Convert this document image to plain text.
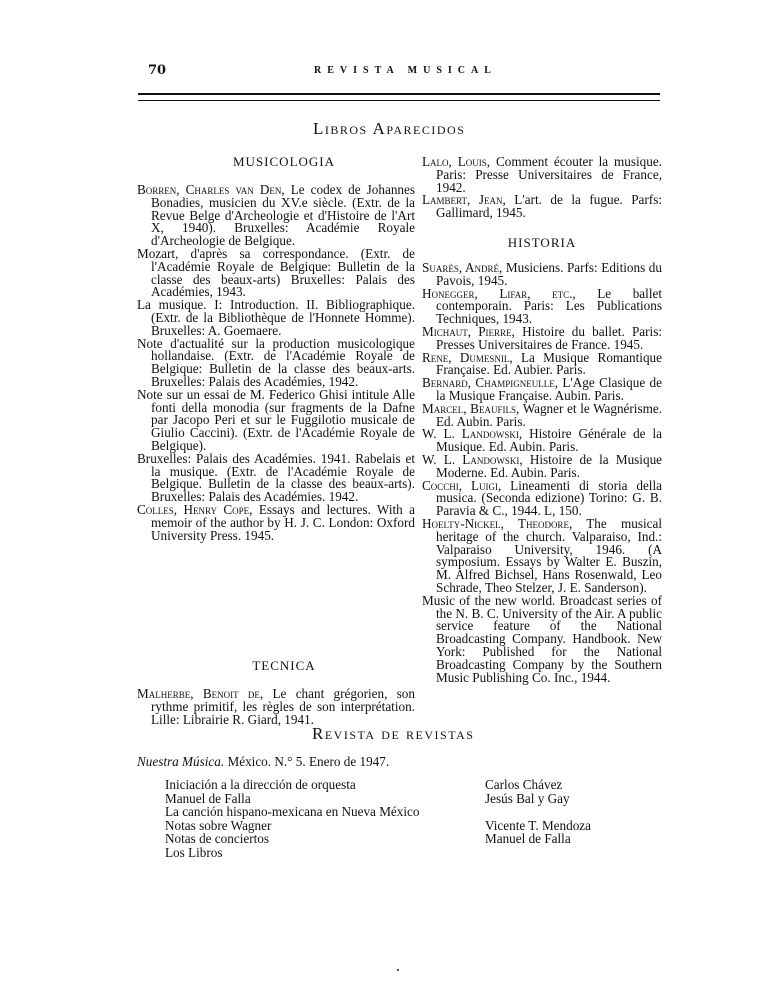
70	REVISTA MUSICAL
Libros Aparecidos
MUSICOLOGIA

Borren, Charles van Den, Le codex de Johannes Bonadies, musicien du XV.e siècle. (Extr. de la Revue Belge d'Archeologie et d'Histoire de l'Art X, 1940). Bruxelles: Académie Royale d'Archeologie de Belgique.

Mozart, d'après sa correspondance. (Extr. de l'Académie Royale de Belgique: Bulletin de la classe des beaux-arts) Bruxelles: Palais des Académies, 1943.

La musique. I: Introduction. II. Bibliographique. (Extr. de la Bibliothèque de l'Honnete Homme). Bruxelles: A. Goemaere.

Note d'actualité sur la production musicologique hollandaise. (Extr. de l'Académie Royale de Belgique: Bulletin de la classe des beaux-arts. Bruxelles: Palais des Académies, 1942.

Note sur un essai de M. Federico Ghisi intitule Alle fonti della monodia (sur fragments de la Dafne par Jacopo Peri et sur le Fuggilotio musicale de Giulio Caccini). (Extr. de l'Académie Royale de Belgique).

Bruxelles: Palais des Académies. 1941. Rabelais et la musique. (Extr. de l'Académie Royale de Belgique. Bulletin de la classe des beaux-arts). Bruxelles: Palais des Académies. 1942.

Colles, Henry Cope, Essays and lectures. With a memoir of the author by H. J. C. London: Oxford University Press. 1945.

TECNICA

Malherbe, Benoit de, Le chant grégorien, son rythme primitif, les règles de son interprétation. Lille: Librairie R. Giard, 1941.

Lalo, Louis, Comment écouter la musique. Paris: Presse Universitaires de France, 1942.

Lambert, Jean, L'art. de la fugue. Parfs: Gallimard, 1945.

HISTORIA

Suarès, André, Musiciens. Parfs: Editions du Pavois, 1945.

Honegger, Lifar, etc., Le ballet contemporain. Paris: Les Publications Techniques, 1943.

Michaut, Pierre, Histoire du ballet. Paris: Presses Universitaires de France. 1945.

Rene, Dumesnil, La Musique Romantique Française. Ed. Aubier. Paris.

Bernard, Champigneulle, L'Age Clasique de la Musique Française. Aubin. Paris.

Marcel, Beaufils, Wagner et le Wagnérisme. Ed. Aubin. Paris.

W. L. Landowski, Histoire Générale de la Musique. Ed. Aubin. Paris.

W. L. Landowski, Histoire de la Musique Moderne. Ed. Aubin. Paris.

Cocchi, Luigi, Lineamenti di storia della musica. (Seconda edizione) Torino: G. B. Paravia & C., 1944. L, 150.

Hoelty-Nickel, Theodore, The musical heritage of the church. Valparaiso, Ind.: Valparaiso University, 1946. (A symposium. Essays by Walter E. Buszin, M. Alfred Bichsel, Hans Rosenwald, Leo Schrade, Theo Stelzer, J. E. Sanderson).

Music of the new world. Broadcast series of the N. B. C. University of the Air. A public service feature of the National Broadcasting Company. Handbook. New York: Published for the National Broadcasting Company by the Southern Music Publishing Co. Inc., 1944.

Revista de revistas
Nuestra Música. México. N.° 5. Enero de 1947.
Iniciación a la dirección de orquesta
Manuel de Falla
La canción hispano-mexicana en Nueva México
Notas sobre Wagner
Notas de conciertos
Los Libros
Carlos Chávez
Jesús Bal y Gay
Vicente T. Mendoza
Manuel de Falla
